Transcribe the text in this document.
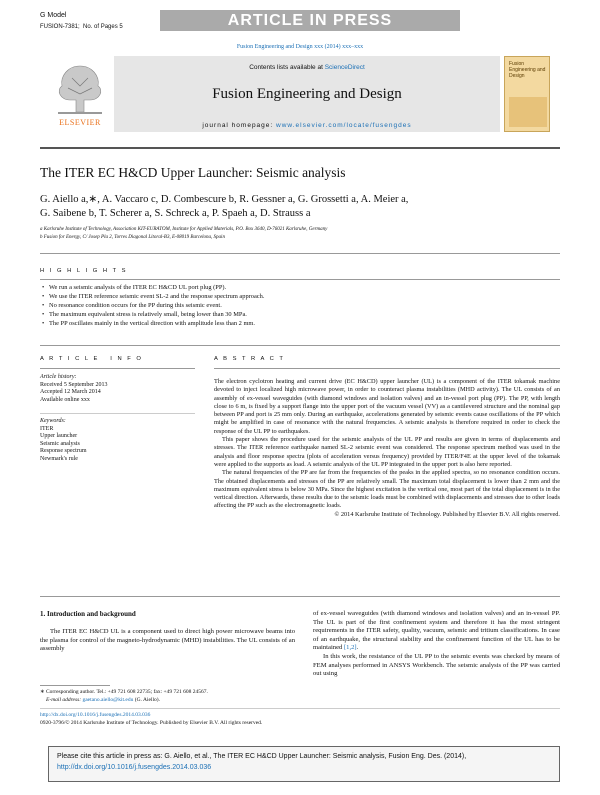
G Model
FUSION-7381; No. of Pages 5	ARTICLE IN PRESS
Fusion Engineering and Design xxx (2014) xxx–xxx
ELSEVIER
Contents lists available at ScienceDirect
Fusion Engineering and Design
journal homepage: www.elsevier.com/locate/fusengdes
Fusion Engineering and Design
The ITER EC H&CD Upper Launcher: Seismic analysis
G. Aiello a,∗, A. Vaccaro c, D. Combescure b, R. Gessner a, G. Grossetti a, A. Meier a,
G. Saibene b, T. Scherer a, S. Schreck a, P. Spaeh a, D. Strauss a
a Karlsruhe Institute of Technology, Association KIT-EURATOM, Institute for Applied Materials, P.O. Box 3640, D-76021 Karlsruhe, Germany
b Fusion for Energy, C/ Josep Pla 2, Torres Diagonal Litoral-B3, E-08019 Barcelona, Spain
H I G H L I G H T S
• We run a seismic analysis of the ITER EC H&CD UL port plug (PP).
• We use the ITER reference seismic event SL-2 and the response spectrum approach.
• No resonance condition occurs for the PP during this seismic event.
• The maximum equivalent stress is relatively small, being lower than 30 MPa.
• The PP oscillates mainly in the vertical direction with amplitude less than 2 mm.
A R T I C L E   I N F O
Article history:
Received 5 September 2013
Accepted 12 March 2014
Available online xxx
Keywords:
ITER
Upper launcher
Seismic analysis
Response spectrum
Newmark's rule
A B S T R A C T
The electron cyclotron heating and current drive (EC H&CD) upper launcher (UL) is a component of the ITER tokamak machine devoted to inject localized high microwave power, in order to counteract plasma instabilities (MHD activity). The UL consists of an assembly of ex-vessel waveguides (with diamond windows and isolation valves) and an in-vessel port plug (PP). The PP, with length close to 6 m, is fixed by a support flange into the upper port of the vacuum vessel (VV) as a cantilevered structure and the nominal gap between PP and port is 25 mm only. During an earthquake, accelerations generated by seismic events cause oscillations of the PP which might be amplified in case of resonance with the natural frequencies. A seismic analysis is therefore required in order to check the response of the UL PP to earthquakes.
This paper shows the procedure used for the seismic analysis of the UL PP and results are given in terms of displacements and stresses. The ITER reference earthquake named SL-2 seismic event was considered. The response spectrum method was used in the analysis and floor response spectra (plots of acceleration versus frequency) provided by ITER/F4E at the upper level of the tokamak were applied to the supports as load. A seismic analysis of the UL PP integrated in the upper port is also here reported.
The natural frequencies of the PP are far from the frequencies of the peaks in the applied spectra, so no resonance condition occurs. The obtained displacements and stresses of the PP are relatively small. The maximum total displacement is lower than 2 mm and the maximum equivalent stress is below 30 MPa. Since the highest excitation is the vertical one, most part of the total displacement is in the vertical direction. Afterwards, these results due to the seismic loads must be combined with displacements and stresses due to other loads affecting the PP such as the electromagnetic loads.
© 2014 Karlsruhe Institute of Technology. Published by Elsevier B.V. All rights reserved.
1. Introduction and background
The ITER EC H&CD UL is a component used to direct high power microwave beams into the plasma for control of the magneto-hydrodynamic (MHD) instabilities. The UL consists of an assembly
of ex-vessel waveguides (with diamond windows and isolation valves) and an in-vessel PP. The UL is part of the first confinement system and therefore it has the most stringent requirements in the ITER safety, quality, vacuum, seismic and tritium classifications. In case of an earthquake, the structural stability and the confinement function of the UL has to be maintained [1,2].
In this work, the resistance of the UL PP to the seismic events was checked by means of FEM analyses performed in ANSYS Workbench. The seismic analysis of the PP was carried out using
∗ Corresponding author. Tel.: +49 721 608 22735; fax: +49 721 608 24567.
E-mail address: gaetano.aiello@kit.edu (G. Aiello).
http://dx.doi.org/10.1016/j.fusengdes.2014.03.036
0920-3796/© 2014 Karlsruhe Institute of Technology. Published by Elsevier B.V. All rights reserved.
Please cite this article in press as: G. Aiello, et al., The ITER EC H&CD Upper Launcher: Seismic analysis, Fusion Eng. Des. (2014),
http://dx.doi.org/10.1016/j.fusengdes.2014.03.036
